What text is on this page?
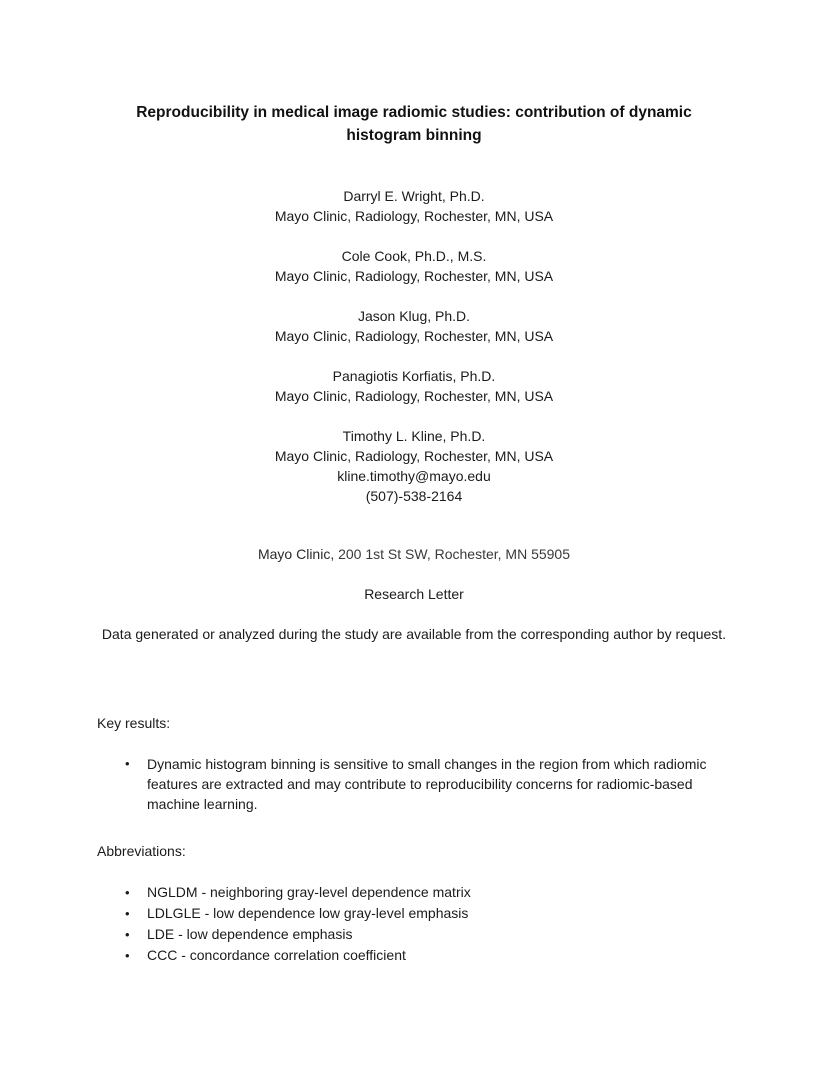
Reproducibility in medical image radiomic studies: contribution of dynamic histogram binning
Darryl E. Wright, Ph.D.
Mayo Clinic, Radiology, Rochester, MN, USA
Cole Cook, Ph.D., M.S.
Mayo Clinic, Radiology, Rochester, MN, USA
Jason Klug, Ph.D.
Mayo Clinic, Radiology, Rochester, MN, USA
Panagiotis Korfiatis, Ph.D.
Mayo Clinic, Radiology, Rochester, MN, USA
Timothy L. Kline, Ph.D.
Mayo Clinic, Radiology, Rochester, MN, USA
kline.timothy@mayo.edu
(507)-538-2164
Mayo Clinic, 200 1st St SW, Rochester, MN 55905
Research Letter
Data generated or analyzed during the study are available from the corresponding author by request.
Key results:
•	Dynamic histogram binning is sensitive to small changes in the region from which radiomic features are extracted and may contribute to reproducibility concerns for radiomic-based machine learning.
Abbreviations:
•	NGLDM - neighboring gray-level dependence matrix
•	LDLGLE - low dependence low gray-level emphasis
•	LDE - low dependence emphasis
•	CCC - concordance correlation coefficient
